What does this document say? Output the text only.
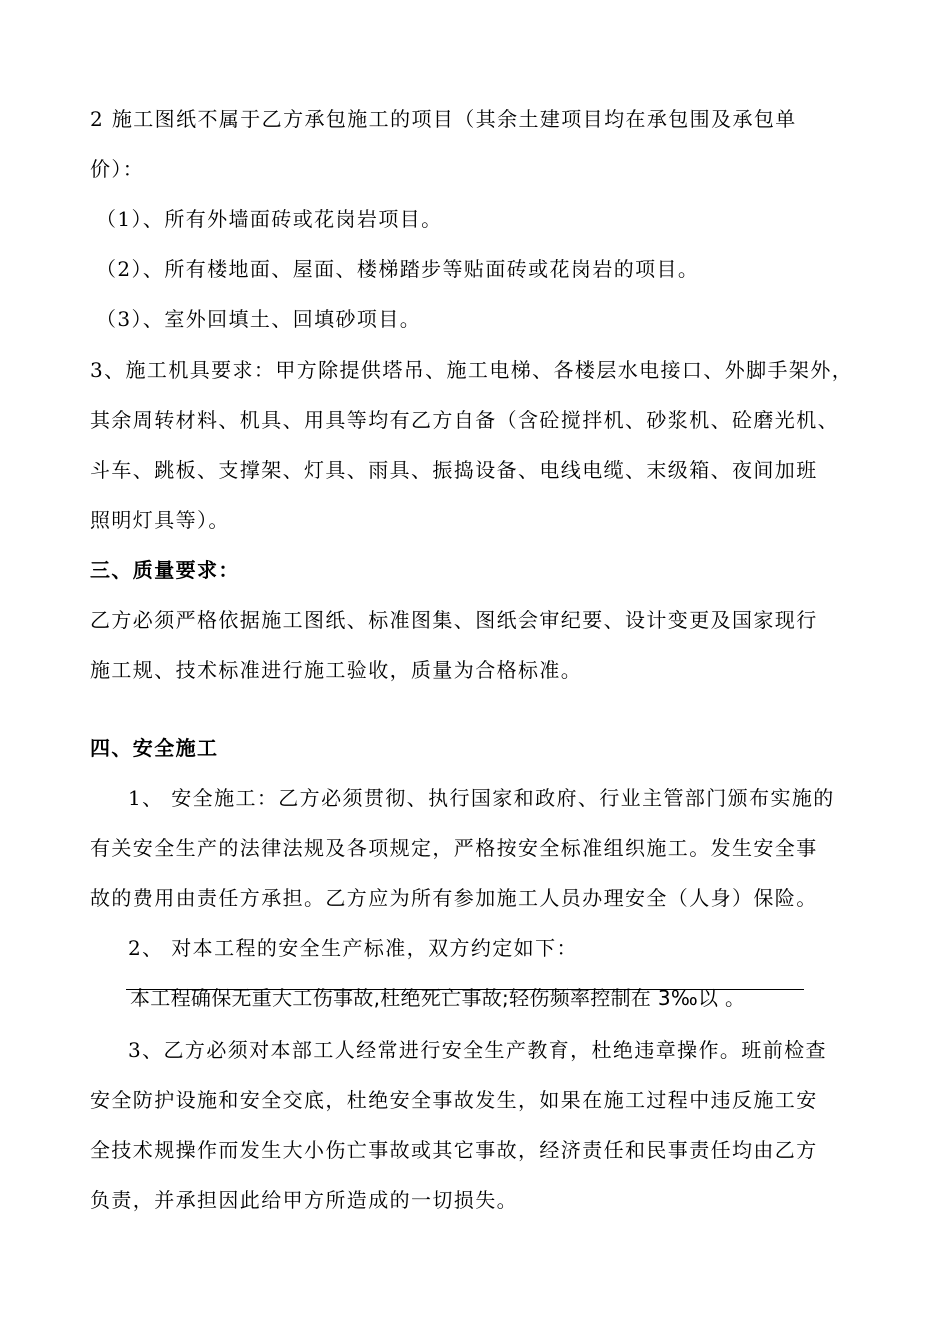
2 施工图纸不属于乙方承包施工的项目（其余土建项目均在承包围及承包单
价）：
（1）、所有外墙面砖或花岗岩项目。
（2）、所有楼地面、屋面、楼梯踏步等贴面砖或花岗岩的项目。
（3）、室外回填土、回填砂项目。
3、施工机具要求：甲方除提供塔吊、施工电梯、各楼层水电接口、外脚手架外，
其余周转材料、机具、用具等均有乙方自备（含砼搅拌机、砂浆机、砼磨光机、
斗车、跳板、支撑架、灯具、雨具、振捣设备、电线电缆、末级箱、夜间加班
照明灯具等）。
三、质量要求：
乙方必须严格依据施工图纸、标准图集、图纸会审纪要、设计变更及国家现行
施工规、技术标准进行施工验收，质量为合格标准。
四、安全施工
1、 安全施工：乙方必须贯彻、执行国家和政府、行业主管部门颁布实施的
有关安全生产的法律法规及各项规定，严格按安全标准组织施工。发生安全事
故的费用由责任方承担。乙方应为所有参加施工人员办理安全（人身）保险。
2、 对本工程的安全生产标准，双方约定如下：
本工程确保无重大工伤事故,杜绝死亡事故;轻伤频率控制在 3‰以 。
3、乙方必须对本部工人经常进行安全生产教育，杜绝违章操作。班前检查
安全防护设施和安全交底，杜绝安全事故发生，如果在施工过程中违反施工安
全技术规操作而发生大小伤亡事故或其它事故，经济责任和民事责任均由乙方
负责，并承担因此给甲方所造成的一切损失。
